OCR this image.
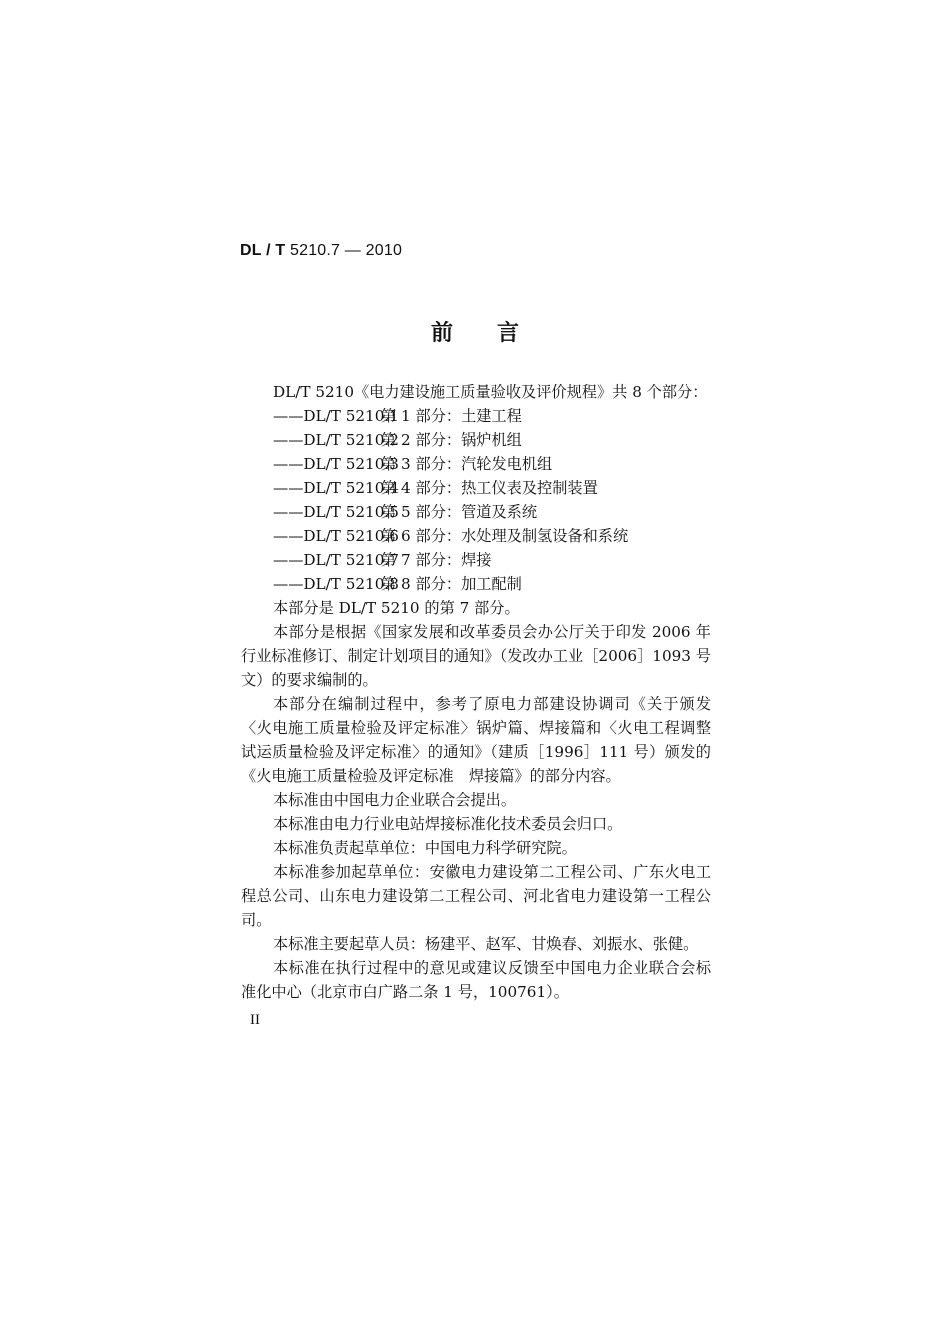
DL / T 5210.7 — 2010
前言

DL/T 5210《电力建设施工质量验收及评价规程》共 8 个部分：

——DL/T 5210.1第 1 部分：土建工程
——DL/T 5210.2第 2 部分：锅炉机组
——DL/T 5210.3第 3 部分：汽轮发电机组
——DL/T 5210.4第 4 部分：热工仪表及控制装置
——DL/T 5210.5第 5 部分：管道及系统
——DL/T 5210.6第 6 部分：水处理及制氢设备和系统
——DL/T 5210.7第 7 部分：焊接
——DL/T 5210.8第 8 部分：加工配制

本部分是 DL/T 5210 的第 7 部分。

本部分是根据《国家发展和改革委员会办公厅关于印发 2006 年行业标准修订、制定计划项目的通知》（发改办工业［2006］1093 号文）的要求编制的。

本部分在编制过程中，参考了原电力部建设协调司《关于颁发〈火电施工质量检验及评定标准〉锅炉篇、焊接篇和〈火电工程调整试运质量检验及评定标准〉的通知》（建质［1996］111 号）颁发的《火电施工质量检验及评定标准　焊接篇》的部分内容。

本标准由中国电力企业联合会提出。

本标准由电力行业电站焊接标准化技术委员会归口。

本标准负责起草单位：中国电力科学研究院。

本标准参加起草单位：安徽电力建设第二工程公司、广东火电工程总公司、山东电力建设第二工程公司、河北省电力建设第一工程公司。

本标准主要起草人员：杨建平、赵军、甘焕春、刘振水、张健。

本标准在执行过程中的意见或建议反馈至中国电力企业联合会标准化中心（北京市白广路二条 1 号，100761）。

II
